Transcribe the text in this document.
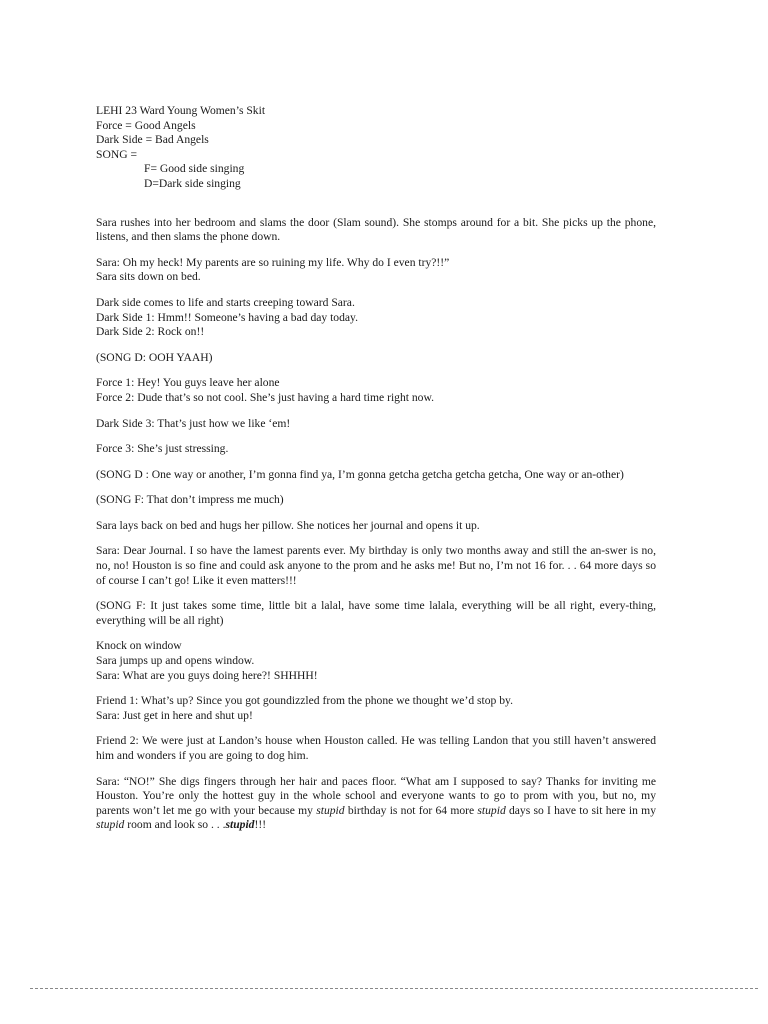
LEHI 23 Ward Young Women’s Skit
Force = Good Angels
Dark Side = Bad Angels
SONG =
F= Good side singing
D=Dark side singing

Sara rushes into her bedroom and slams the door (Slam sound). She stomps around for a bit. She picks up the phone, listens, and then slams the phone down.

Sara: Oh my heck! My parents are so ruining my life. Why do I even try?!!”
Sara sits down on bed.
Dark side comes to life and starts creeping toward Sara.
Dark Side 1: Hmm!! Someone’s having a bad day today.
Dark Side 2: Rock on!!
(SONG D: OOH YAAH)
Force 1: Hey! You guys leave her alone
Force 2: Dude that’s so not cool. She’s just having a hard time right now.
Dark Side 3: That’s just how we like ‘em!
Force 3: She’s just stressing.

(SONG D : One way or another, I’m gonna find ya, I’m gonna getcha getcha getcha getcha, One way or an-other)

(SONG F: That don’t impress me much)
Sara lays back on bed and hugs her pillow. She notices her journal and opens it up.

Sara: Dear Journal. I so have the lamest parents ever. My birthday is only two months away and still the an-swer is no, no, no! Houston is so fine and could ask anyone to the prom and he asks me! But no, I’m not 16 for. . . 64 more days so of course I can’t go! Like it even matters!!!

(SONG F: It just takes some time, little bit a lalal, have some time lalala, everything will be all right, every-thing, everything will be all right)

Knock on window
Sara jumps up and opens window.
Sara: What are you guys doing here?! SHHHH!
Friend 1: What’s up? Since you got goundizzled from the phone we thought we’d stop by.
Sara: Just get in here and shut up!

Friend 2: We were just at Landon’s house when Houston called. He was telling Landon that you still haven’t answered him and wonders if you are going to dog him.

Sara: “NO!” She digs fingers through her hair and paces floor. “What am I supposed to say? Thanks for inviting me Houston. You’re only the hottest guy in the whole school and everyone wants to go to prom with you, but no, my parents won’t let me go with your because my stupid birthday is not for 64 more stupid days so I have to sit here in my stupid room and look so . . .stupid!!!
